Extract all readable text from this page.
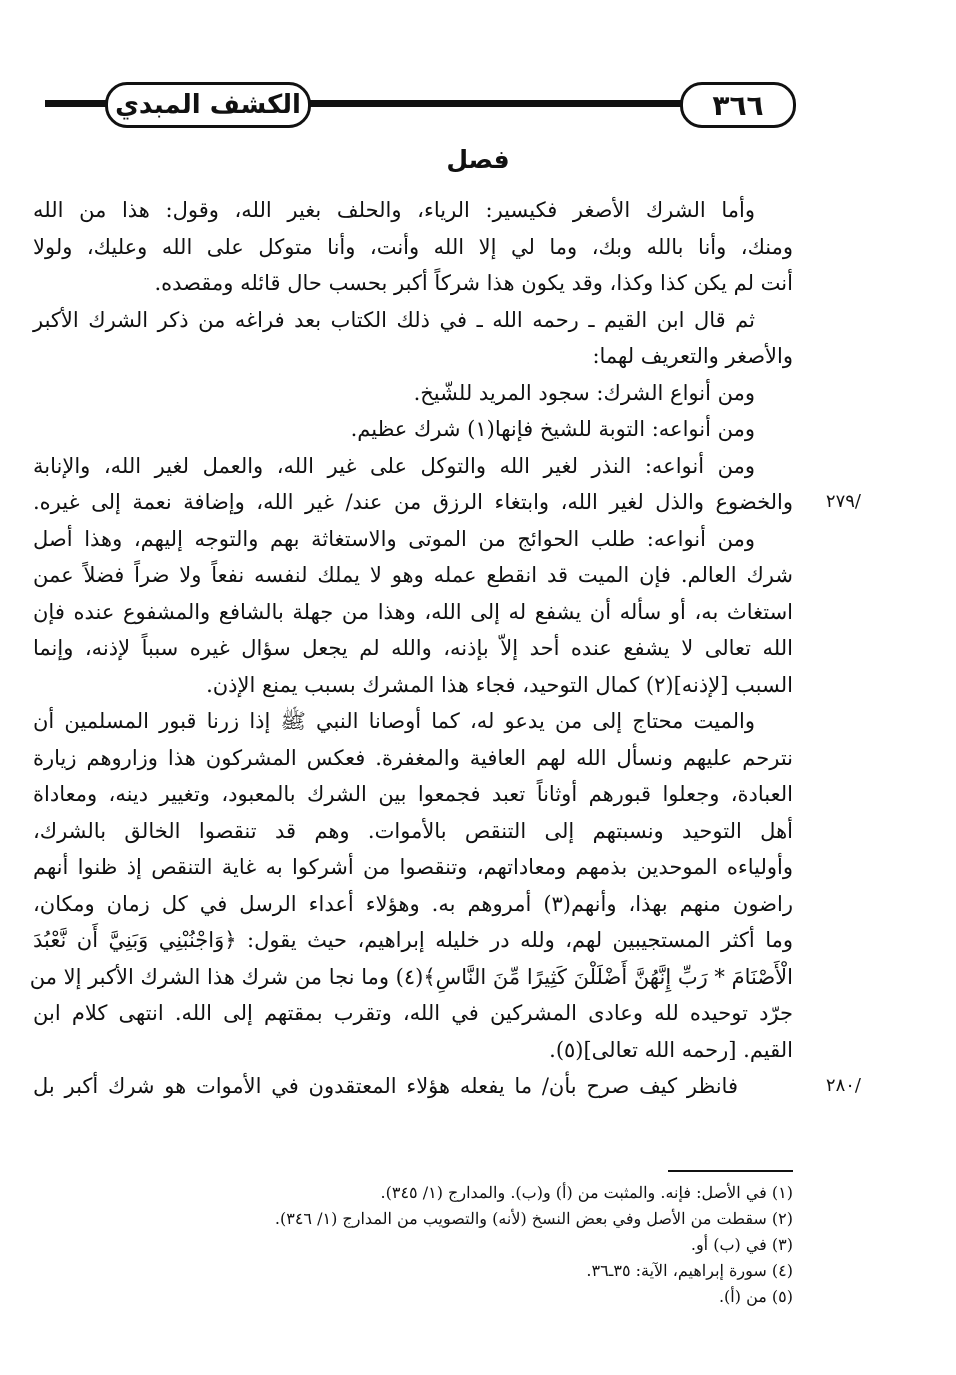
الكشف المبدي	٣٦٦
فصل
وأما الشرك الأصغر فكيسير: الرياء، والحلف بغير الله، وقول: هذا من الله
ومنك، وأنا بالله وبك، وما لي إلا الله وأنت، وأنا متوكل على الله وعليك، ولولا
أنت لم يكن كذا وكذا، وقد يكون هذا شركاً أكبر بحسب حال قائله ومقصده.
ثم قال ابن القيم ـ رحمه الله ـ في ذلك الكتاب بعد فراغه من ذكر الشرك الأكبر
والأصغر والتعريف لهما:
ومن أنواع الشرك: سجود المريد للشّيخ.
ومن أنواعه: التوبة للشيخ فإنها(١) شرك عظيم.
ومن أنواعه: النذر لغير الله والتوكل على غير الله، والعمل لغير الله، والإنابة
والخضوع والذل لغير الله، وابتغاء الرزق من عند/ غير الله، وإضافة نعمة إلى غيره. ٢٧٩/
ومن أنواعه: طلب الحوائج من الموتى والاستغاثة بهم والتوجه إليهم، وهذا أصل
شرك العالم. فإن الميت قد انقطع عمله وهو لا يملك لنفسه نفعاً ولا ضراً فضلاً عمن
استغاث به، أو سأله أن يشفع له إلى الله، وهذا من جهلة بالشافع والمشفوع عنده فإن
الله تعالى لا يشفع عنده أحد إلاّ بإذنه، والله لم يجعل سؤال غيره سبباً لإذنه، وإنما
السبب [لإذنه](٢) كمال التوحيد، فجاء هذا المشرك بسبب يمنع الإذن.
والميت محتاج إلى من يدعو له، كما أوصانا النبي ﷺ إذا زرنا قبور المسلمين أن
نترحم عليهم ونسأل الله لهم العافية والمغفرة. فعكس المشركون هذا وزاروهم زيارة
العبادة، وجعلوا قبورهم أوثاناً تعبد فجمعوا بين الشرك بالمعبود، وتغيير دينه، ومعاداة
أهل التوحيد ونسبتهم إلى التنقص بالأموات. وهم قد تنقصوا الخالق بالشرك،
وأولياءه الموحدين بذمهم ومعاداتهم، وتنقصوا من أشركوا به غاية التنقص إذ ظنوا أنهم
راضون منهم بهذا، وأنهم(٣) أمروهم به. وهؤلاء أعداء الرسل في كل زمان ومكان،
وما أكثر المستجيبين لهم، ولله در خليله إبراهيم، حيث يقول: ﴿وَاجْنُبْنِي وَبَنِيَّ أَن نَّعْبُدَ
الْأَصْنَامَ * رَبِّ إِنَّهُنَّ أَضْلَلْنَ كَثِيرًا مِّنَ النَّاسِ﴾(٤) وما نجا من شرك هذا الشرك الأكبر إلا من
جرّد توحيده لله وعادى المشركين في الله، وتقرب بمقتهم إلى الله. انتهى كلام ابن
القيم. [رحمه الله تعالى](٥).
فانظر كيف صرح بأن/ ما يفعله هؤلاء المعتقدون في الأموات هو شرك أكبر بل	٢٨٠/
(١) في الأصل: فإنه. والمثبت من (أ) و(ب). والمدارج (١/ ٣٤٥).
(٢) سقطت من الأصل وفي بعض النسخ (لأنه) والتصويب من المدارج (١/ ٣٤٦).
(٣) في (ب) أو.
(٤) سورة إبراهيم، الآية: ٣٥ـ٣٦.
(٥) من (أ).
